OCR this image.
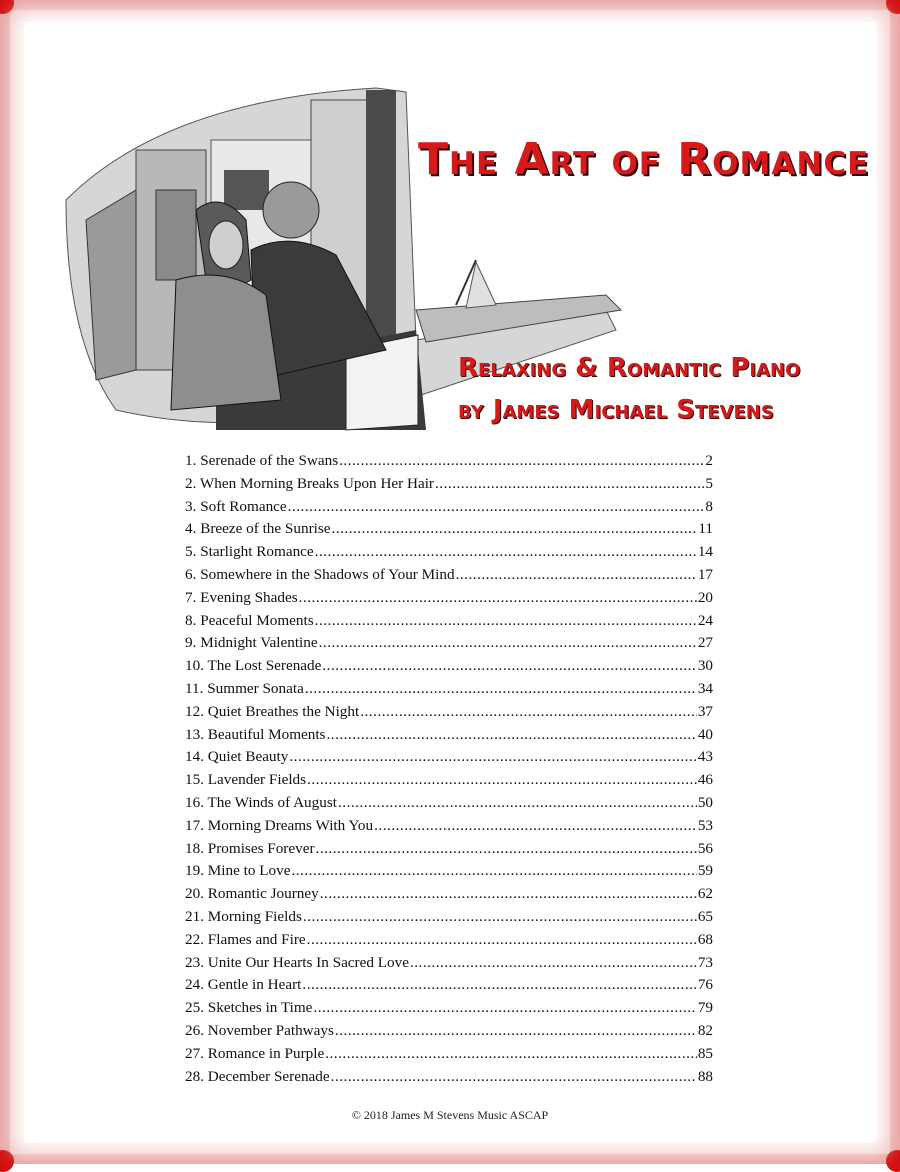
The Art of Romance
Relaxing & Romantic Piano
by James Michael Stevens
1. Serenade of the Swans .....	2
2. When Morning Breaks Upon Her Hair .....	5
3. Soft Romance .....	8
4. Breeze of the Sunrise .....	11
5. Starlight Romance .....	14
6. Somewhere in the Shadows of Your Mind .....	17
7. Evening Shades .....	20
8. Peaceful Moments .....	24
9. Midnight Valentine .....	27
10. The Lost Serenade .....	30
11. Summer Sonata .....	34
12. Quiet Breathes the Night .....	37
13. Beautiful Moments .....	40
14. Quiet Beauty .....	43
15. Lavender Fields .....	46
16. The Winds of August .....	50
17. Morning Dreams With You .....	53
18. Promises Forever .....	56
19. Mine to Love .....	59
20. Romantic Journey .....	62
21. Morning Fields .....	65
22. Flames and Fire .....	68
23. Unite Our Hearts In Sacred Love .....	73
24. Gentle in Heart .....	76
25. Sketches in Time .....	79
26. November Pathways .....	82
27. Romance in Purple .....	85
28. December Serenade .....	88
© 2018 James M Stevens Music ASCAP
